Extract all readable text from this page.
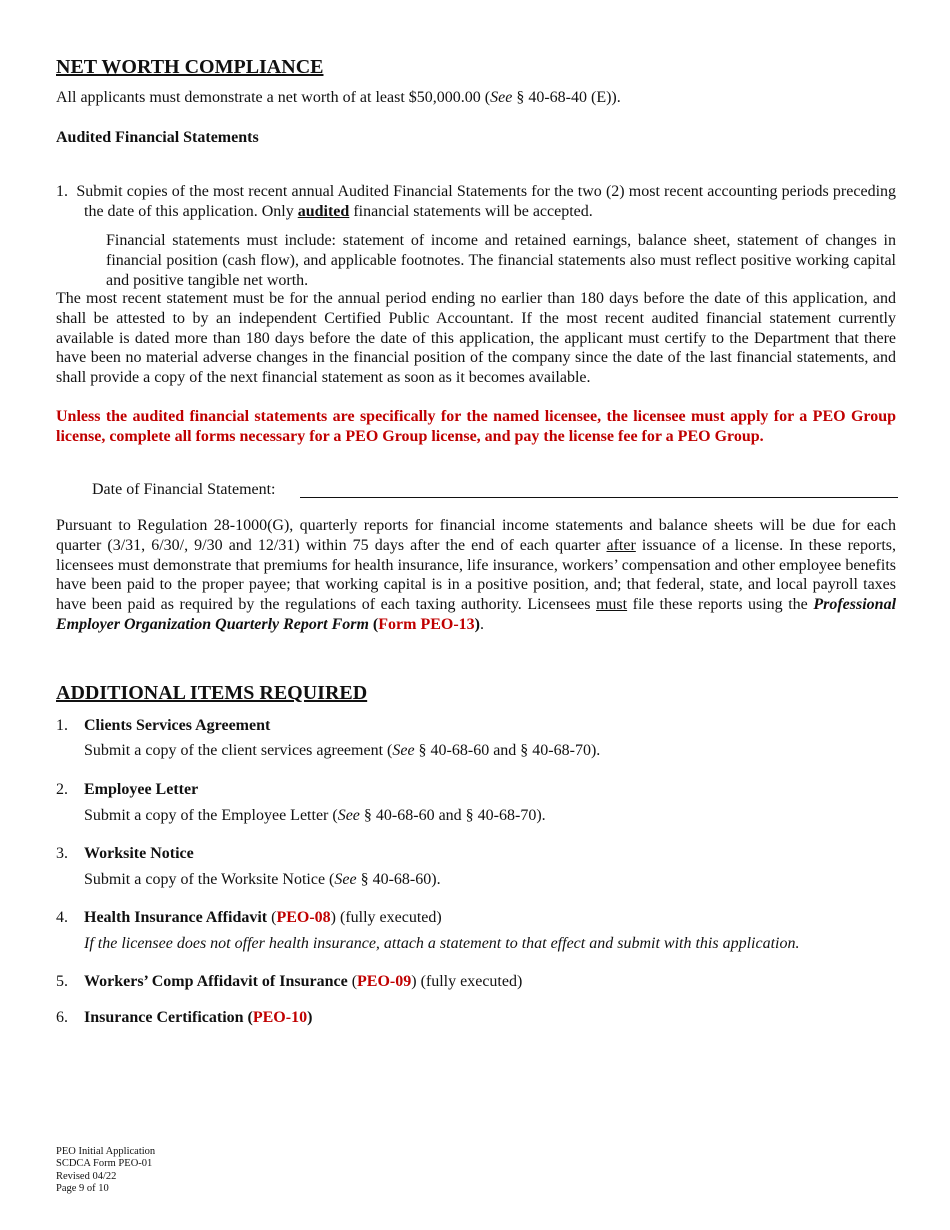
NET WORTH COMPLIANCE

All applicants must demonstrate a net worth of at least $50,000.00 (See § 40-68-40 (E)).

Audited Financial Statements

1. Submit copies of the most recent annual Audited Financial Statements for the two (2) most recent accounting periods preceding the date of this application. Only audited financial statements will be accepted.

Financial statements must include: statement of income and retained earnings, balance sheet, statement of changes in financial position (cash flow), and applicable footnotes. The financial statements also must reflect positive working capital and positive tangible net worth.

The most recent statement must be for the annual period ending no earlier than 180 days before the date of this application, and shall be attested to by an independent Certified Public Accountant. If the most recent audited financial statement currently available is dated more than 180 days before the date of this application, the applicant must certify to the Department that there have been no material adverse changes in the financial position of the company since the date of the last financial statements, and shall provide a copy of the next financial statement as soon as it becomes available.

Unless the audited financial statements are specifically for the named licensee, the licensee must apply for a PEO Group license, complete all forms necessary for a PEO Group license, and pay the license fee for a PEO Group.

Date of Financial Statement:

Pursuant to Regulation 28-1000(G), quarterly reports for financial income statements and balance sheets will be due for each quarter (3/31, 6/30/, 9/30 and 12/31) within 75 days after the end of each quarter after issuance of a license. In these reports, licensees must demonstrate that premiums for health insurance, life insurance, workers’ compensation and other employee benefits have been paid to the proper payee; that working capital is in a positive position, and; that federal, state, and local payroll taxes have been paid as required by the regulations of each taxing authority. Licensees must file these reports using the Professional Employer Organization Quarterly Report Form (Form PEO-13).

ADDITIONAL ITEMS REQUIRED
1. Clients Services Agreement
Submit a copy of the client services agreement (See § 40-68-60 and § 40-68-70).
2. Employee Letter
Submit a copy of the Employee Letter (See § 40-68-60 and § 40-68-70).
3. Worksite Notice
Submit a copy of the Worksite Notice (See § 40-68-60).
4. Health Insurance Affidavit (PEO-08) (fully executed)
If the licensee does not offer health insurance, attach a statement to that effect and submit with this application.
5. Workers’ Comp Affidavit of Insurance (PEO-09) (fully executed)
6. Insurance Certification (PEO-10)
PEO Initial Application
SCDCA Form PEO-01
Revised 04/22
Page 9 of 10
